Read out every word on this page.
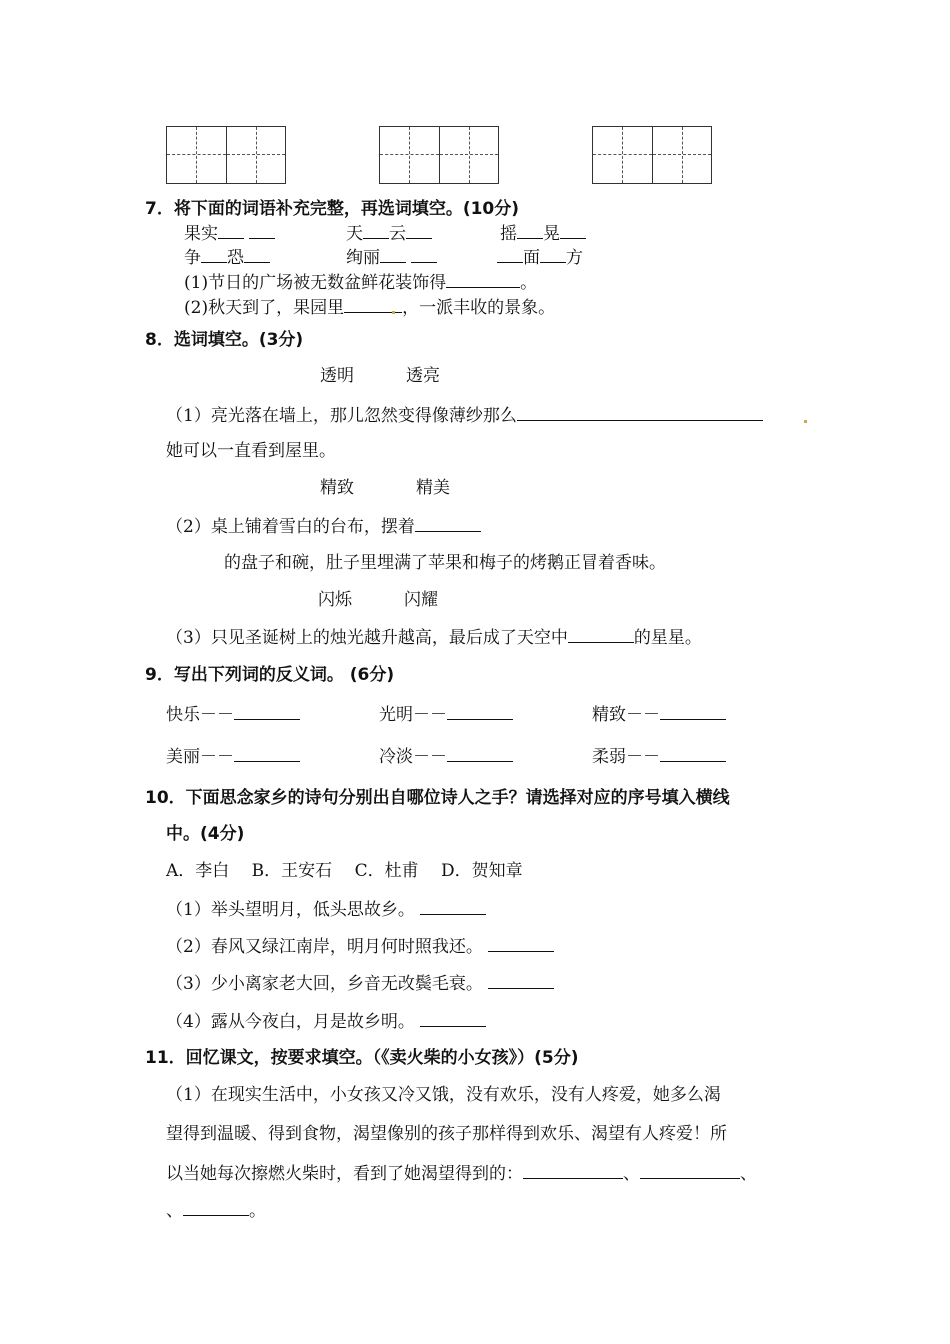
7．将下面的词语补充完整，再选词填空。(10分)
果实	天 云	摇 晃
争 恐	绚丽	面 方
(1)节日的广场被无数盆鲜花装饰得	。
(2)秋天到了，果园里	，一派丰收的景象。
8．选词填空。(3分)
透明	透亮
（1）亮光落在墙上，那儿忽然变得像薄纱那么
她可以一直看到屋里。
精致	精美
（2）桌上铺着雪白的台布，摆着
的盘子和碗，肚子里埋满了苹果和梅子的烤鹅正冒着香味。
闪烁	闪耀
（3）只见圣诞树上的烛光越升越高，最后成了天空中	的星星。
9．写出下列词的反义词。 (6分)
快乐－－	光明－－	精致－－
美丽－－	冷淡－－	柔弱－－
10．下面思念家乡的诗句分别出自哪位诗人之手？请选择对应的序号填入横线
中。(4分)
A．李白　 B．王安石　 C．杜甫　 D．贺知章
（1）举头望明月，低头思故乡。
（2）春风又绿江南岸，明月何时照我还。
（3）少小离家老大回，乡音无改鬓毛衰。
（4）露从今夜白，月是故乡明。
11．回忆课文，按要求填空。（《卖火柴的小女孩》）(5分)
（1）在现实生活中，小女孩又冷又饿，没有欢乐，没有人疼爱，她多么渴
望得到温暖、得到食物，渴望像别的孩子那样得到欢乐、渴望有人疼爱！所
以当她每次擦燃火柴时，看到了她渴望得到的：	、	、
、	。
